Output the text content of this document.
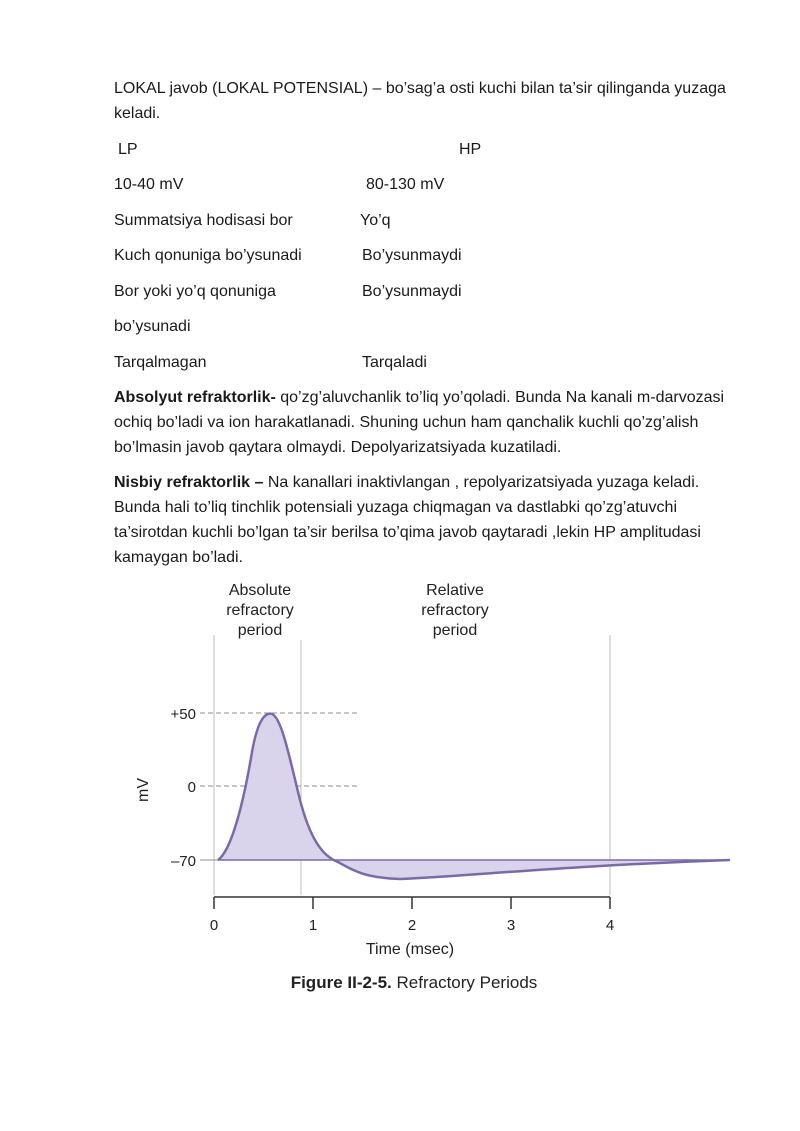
LOKAL javob (LOKAL POTENSIAL) – bo’sag’a osti kuchi bilan ta’sir qilinganda yuzaga keladi.

LP	HP
10-40 mV	80-130 mV
Summatsiya hodisasi bor	Yo’q
Kuch qonuniga bo’ysunadi	Bo’ysunmaydi
Bor yoki yo’q qonuniga	Bo’ysunmaydi
bo’ysunadi
Tarqalmagan	Tarqaladi

Absolyut refraktorlik- qo’zg’aluvchanlik to’liq yo’qoladi. Bunda Na kanali m-darvozasi ochiq bo’ladi va ion harakatlanadi. Shuning uchun ham qanchalik kuchli qo’zg’alish bo’lmasin javob qaytara olmaydi. Depolyarizatsiyada kuzatiladi.

Nisbiy refraktorlik – Na kanallari inaktivlangan , repolyarizatsiyada yuzaga keladi. Bunda hali to’liq tinchlik potensiali yuzaga chiqmagan va dastlabki qo’zg’atuvchi ta’sirotdan kuchli bo’lgan ta’sir berilsa to’qima javob qaytaradi ,lekin HP amplitudasi kamaygan bo’ladi.

Absolute
refractory
period
Relative
refractory
period
mV
+50
0
–70
0	1	2	3	4
Time (msec)
Figure II-2-5. Refractory Periods
